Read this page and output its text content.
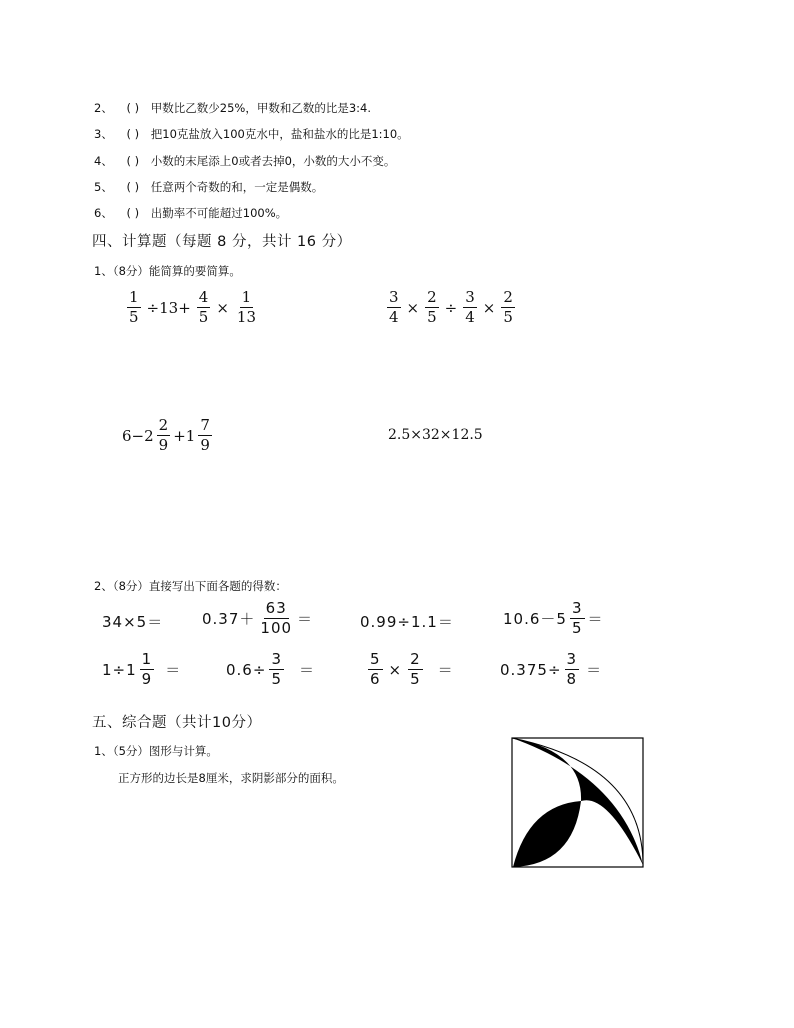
2、 ( ) 甲数比乙数少25%，甲数和乙数的比是3:4.
3、 ( ) 把10克盐放入100克水中，盐和盐水的比是1:10。
4、 ( ) 小数的末尾添上0或者去掉0，小数的大小不变。
5、 ( ) 任意两个奇数的和，一定是偶数。
6、 ( ) 出勤率不可能超过100%。
四、计算题（每题 8 分，共计 16 分）
1、（8分）能简算的要简算。
$\frac{1}{5} \div 13+ \frac{4}{5} \times \frac{1}{13}$	$\frac{3}{4} \times \frac{2}{5} \div \frac{3}{4} \times \frac{2}{5}$
$6-2 \frac{2}{9} +1 \frac{7}{9}$	2.5×32×12.5
2、（8分）直接写出下面各题的得数：
34×5＝	$0.37+ \frac{63}{100}$ ＝	0.99÷1.1＝	$10.6-5 \frac{3}{5}$ ＝
$1\div 1 \frac{1}{9}$ ＝	$0.6\div \frac{3}{5}$ ＝	$\frac{5}{6} \times \frac{2}{5}$ ＝	$0.375\div \frac{3}{8}$ ＝
五、综合题（共计10分）
1、（5分）图形与计算。
正方形的边长是8厘米，求阴影部分的面积。
